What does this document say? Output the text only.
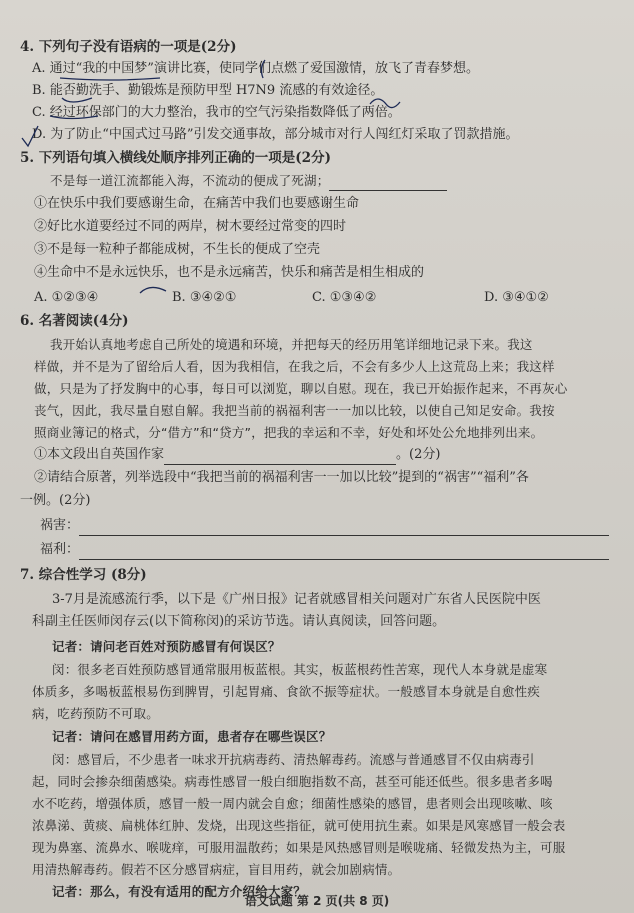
4. 下列句子没有语病的一项是(2分)
A. 通过“我的中国梦”演讲比赛，使同学们点燃了爱国激情，放飞了青春梦想。
B. 能否勤洗手、勤锻炼是预防甲型 H7N9 流感的有效途径。
C. 经过环保部门的大力整治，我市的空气污染指数降低了两倍。
D. 为了防止“中国式过马路”引发交通事故，部分城市对行人闯红灯采取了罚款措施。
5. 下列语句填入横线处顺序排列正确的一项是(2分)
不是每一道江流都能入海，不流动的便成了死湖；
①在快乐中我们要感谢生命，在痛苦中我们也要感谢生命
②好比水道要经过不同的两岸，树木要经过常变的四时
③不是每一粒种子都能成树，不生长的便成了空壳
④生命中不是永远快乐，也不是永远痛苦，快乐和痛苦是相生相成的
A. ①②③④	B. ③④②①	C. ①③④②	D. ③④①②
6. 名著阅读(4分)
我开始认真地考虑自己所处的境遇和环境，并把每天的经历用笔详细地记录下来。我这
样做，并不是为了留给后人看，因为我相信，在我之后，不会有多少人上这荒岛上来；我这样
做，只是为了抒发胸中的心事，每日可以浏览，聊以自慰。现在，我已开始振作起来，不再灰心
丧气，因此，我尽量自慰自解。我把当前的祸福利害一一加以比较，以使自己知足安命。我按
照商业簿记的格式，分“借方”和“贷方”，把我的幸运和不幸，好处和坏处公允地排列出来。
①本文段出自英国作家	。(2分)
②请结合原著，列举选段中“我把当前的祸福利害一一加以比较”提到的“祸害”“福利”各
一例。(2分)
祸害：
福利：
7. 综合性学习 (8分)
3-7月是流感流行季，以下是《广州日报》记者就感冒相关问题对广东省人民医院中医
科副主任医师闵存云(以下简称闵)的采访节选。请认真阅读，回答问题。
记者：请问老百姓对预防感冒有何误区？
闵：很多老百姓预防感冒通常服用板蓝根。其实，板蓝根药性苦寒，现代人本身就是虚寒
体质多，多喝板蓝根易伤到脾胃，引起胃痛、食欲不振等症状。一般感冒本身就是自愈性疾
病，吃药预防不可取。
记者：请问在感冒用药方面，患者存在哪些误区？
闵：感冒后，不少患者一味求开抗病毒药、清热解毒药。流感与普通感冒不仅由病毒引
起，同时会掺杂细菌感染。病毒性感冒一般白细胞指数不高，甚至可能还低些。很多患者多喝
水不吃药，增强体质，感冒一般一周内就会自愈；细菌性感染的感冒，患者则会出现咳嗽、咳
浓鼻涕、黄痰、扁桃体红肿、发烧，出现这些指征，就可使用抗生素。如果是风寒感冒一般会表
现为鼻塞、流鼻水、喉咙痒，可服用温散药；如果是风热感冒则是喉咙痛、轻微发热为主，可服
用清热解毒药。假若不区分感冒病症，盲目用药，就会加剧病情。
记者：那么，有没有适用的配方介绍给大家？
语文试题 第 2 页(共 8 页)
